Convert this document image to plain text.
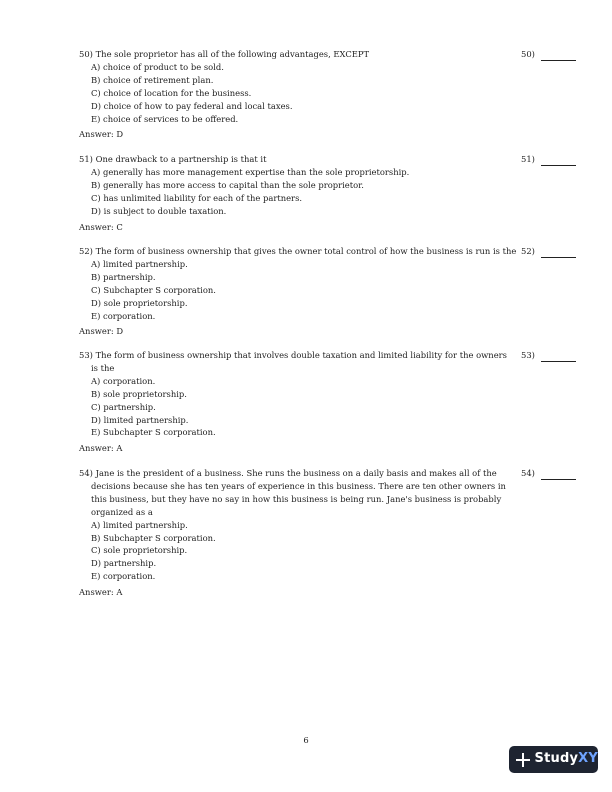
50) The sole proprietor has all of the following advantages, EXCEPT
A) choice of product to be sold.
B) choice of retirement plan.
C) choice of location for the business.
D) choice of how to pay federal and local taxes.
E) choice of services to be offered.
Answer: D
50)
51) One drawback to a partnership is that it
A) generally has more management expertise than the sole proprietorship.
B) generally has more access to capital than the sole proprietor.
C) has unlimited liability for each of the partners.
D) is subject to double taxation.
Answer: C
51)
52) The form of business ownership that gives the owner total control of how the business is run is the
A) limited partnership.
B) partnership.
C) Subchapter S corporation.
D) sole proprietorship.
E) corporation.
Answer: D
52)
53) The form of business ownership that involves double taxation and limited liability for the owners is the
A) corporation.
B) sole proprietorship.
C) partnership.
D) limited partnership.
E) Subchapter S corporation.
Answer: A
53)
54) Jane is the president of a business. She runs the business on a daily basis and makes all of the decisions because she has ten years of experience in this business. There are ten other owners in this business, but they have no say in how this business is being run. Jane's business is probably organized as a
A) limited partnership.
B) Subchapter S corporation.
C) sole proprietorship.
D) partnership.
E) corporation.
Answer: A
54)
6
Study XY
